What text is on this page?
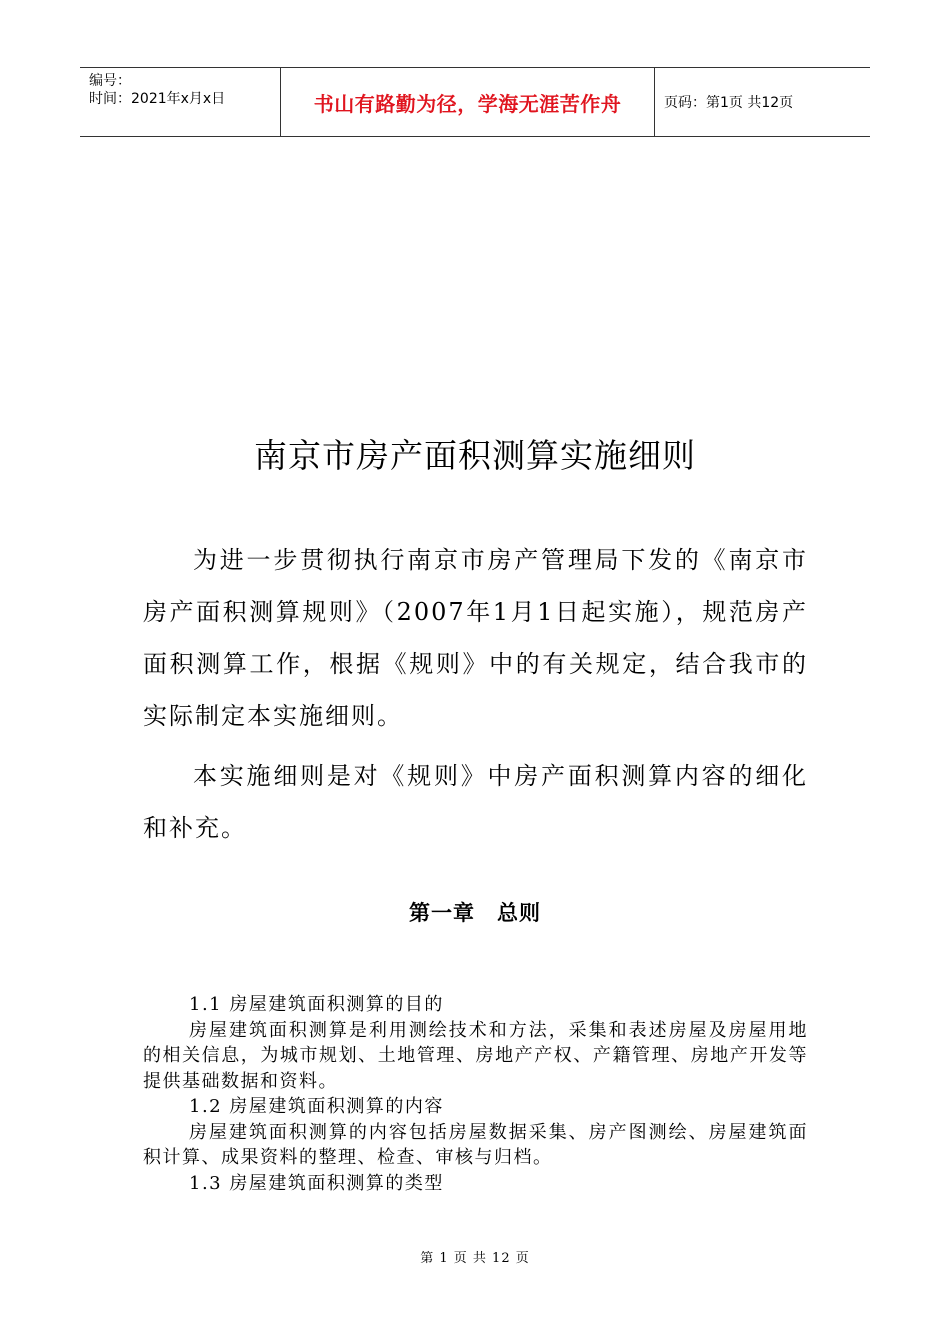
编号：
时间：2021年x月x日	书山有路勤为径，学海无涯苦作舟	页码：第1页 共12页
南京市房产面积测算实施细则

为进一步贯彻执行南京市房产管理局下发的《南京市房产面积测算规则》（2007年1月1日起实施），规范房产面积测算工作，根据《规则》中的有关规定，结合我市的实际制定本实施细则。

本实施细则是对《规则》中房产面积测算内容的细化和补充。

第一章　总则

1.1 房屋建筑面积测算的目的

房屋建筑面积测算是利用测绘技术和方法，采集和表述房屋及房屋用地的相关信息，为城市规划、土地管理、房地产产权、产籍管理、房地产开发等提供基础数据和资料。

1.2 房屋建筑面积测算的内容

房屋建筑面积测算的内容包括房屋数据采集、房产图测绘、房屋建筑面积计算、成果资料的整理、检查、审核与归档。

1.3 房屋建筑面积测算的类型

第 1 页 共 12 页
